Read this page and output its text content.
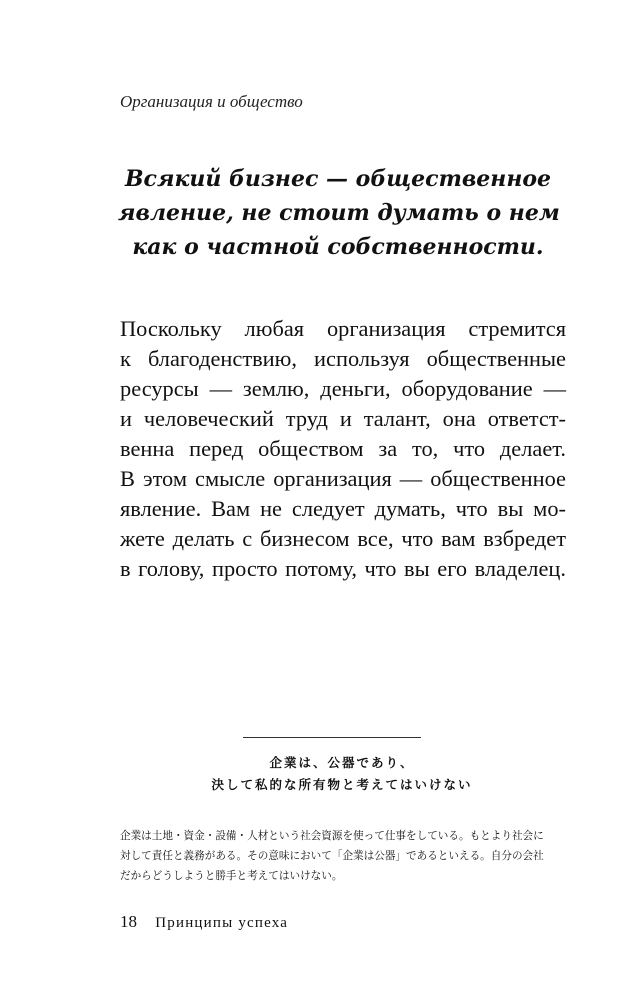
Организация и общество
Всякий бизнес — общественное
явление, не стоит думать о нем
как о частной собственности.
Поскольку любая организация стремится
к благоденствию, используя общественные
ресурсы — землю, деньги, оборудование —
и человеческий труд и талант, она ответст-
венна перед обществом за то, что делает.
В этом смысле организация — общественное
явление. Вам не следует думать, что вы мо-
жете делать с бизнесом все, что вам взбредет
в голову, просто потому, что вы его владелец.
企業は、公器であり、
決して私的な所有物と考えてはいけない
企業は土地・資金・設備・人材という社会資源を使って仕事をしている。もとより社会に
対して責任と義務がある。その意味において「企業は公器」であるといえる。自分の会社
だからどうしようと勝手と考えてはいけない。
18 Принципы успеха
